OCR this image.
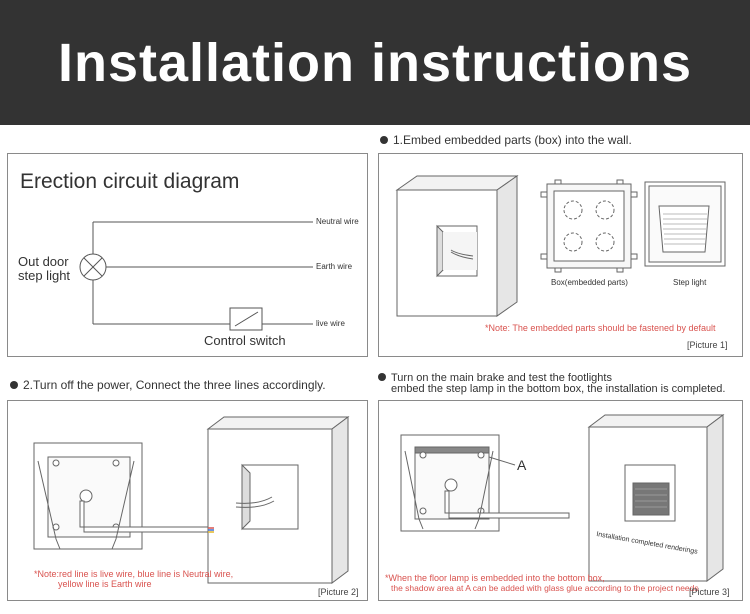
Installation instructions
Erection circuit diagram
Out door
step light
Neutral wire
Earth wire
live wire
Control switch
1.Embed embedded parts (box) into the wall.
Box(embedded parts)	Step light
*Note: The embedded parts should be fastened by default
[Picture 1]
2.Turn off the power, Connect the three lines accordingly.
*Note:red line is live wire, blue line is Neutral wire,
yellow line is Earth wire
[Picture 2]
Turn on the main brake and test the footlights
embed the step lamp in the bottom box, the installation is completed.
A
Installation completed renderings
*When the floor lamp is embedded into the bottom box,
the shadow area at A can be added with glass glue according to the project needs
[Picture 3]
